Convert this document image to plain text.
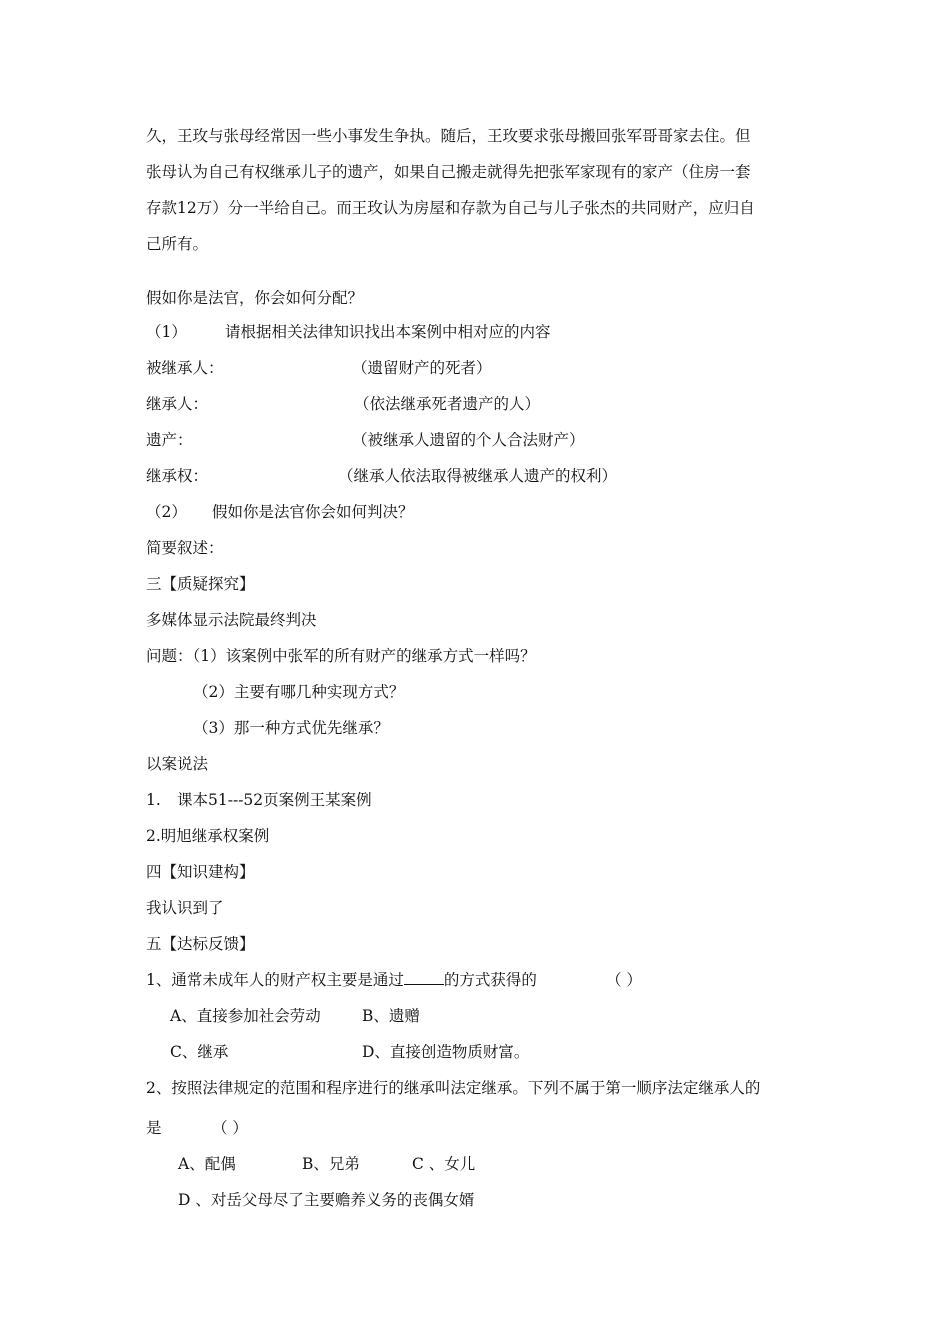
久，王玫与张母经常因一些小事发生争执。随后，王玫要求张母搬回张军哥哥家去住。但
张母认为自己有权继承儿子的遗产，如果自己搬走就得先把张军家现有的家产（住房一套
存款12万）分一半给自己。而王玫认为房屋和存款为自己与儿子张杰的共同财产，应归自
己所有。
假如你是法官，你会如何分配？
（1） 请根据相关法律知识找出本案例中相对应的内容
被继承人：	（遗留财产的死者）
继承人：	（依法继承死者遗产的人）
遗产：	（被继承人遗留的个人合法财产）
继承权：	（继承人依法取得被继承人遗产的权利）
（2） 假如你是法官你会如何判决？
简要叙述：
三【质疑探究】
多媒体显示法院最终判决
问题：（1）该案例中张军的所有财产的继承方式一样吗？
（2）主要有哪几种实现方式？
（3）那一种方式优先继承？
以案说法
1. 课本51---52页案例王某案例
2.明旭继承权案例
四【知识建构】
我认识到了
五【达标反馈】
1、通常未成年人的财产权主要是通过	的方式获得的	（ ）
A、直接参加社会劳动	B、遗赠
C、继承	D、直接创造物质财富。
2、按照法律规定的范围和程序进行的继承叫法定继承。下列不属于第一顺序法定继承人的
是	（ ）
A、配偶	B、兄弟	C 、女儿
D 、对岳父母尽了主要赡养义务的丧偶女婿
